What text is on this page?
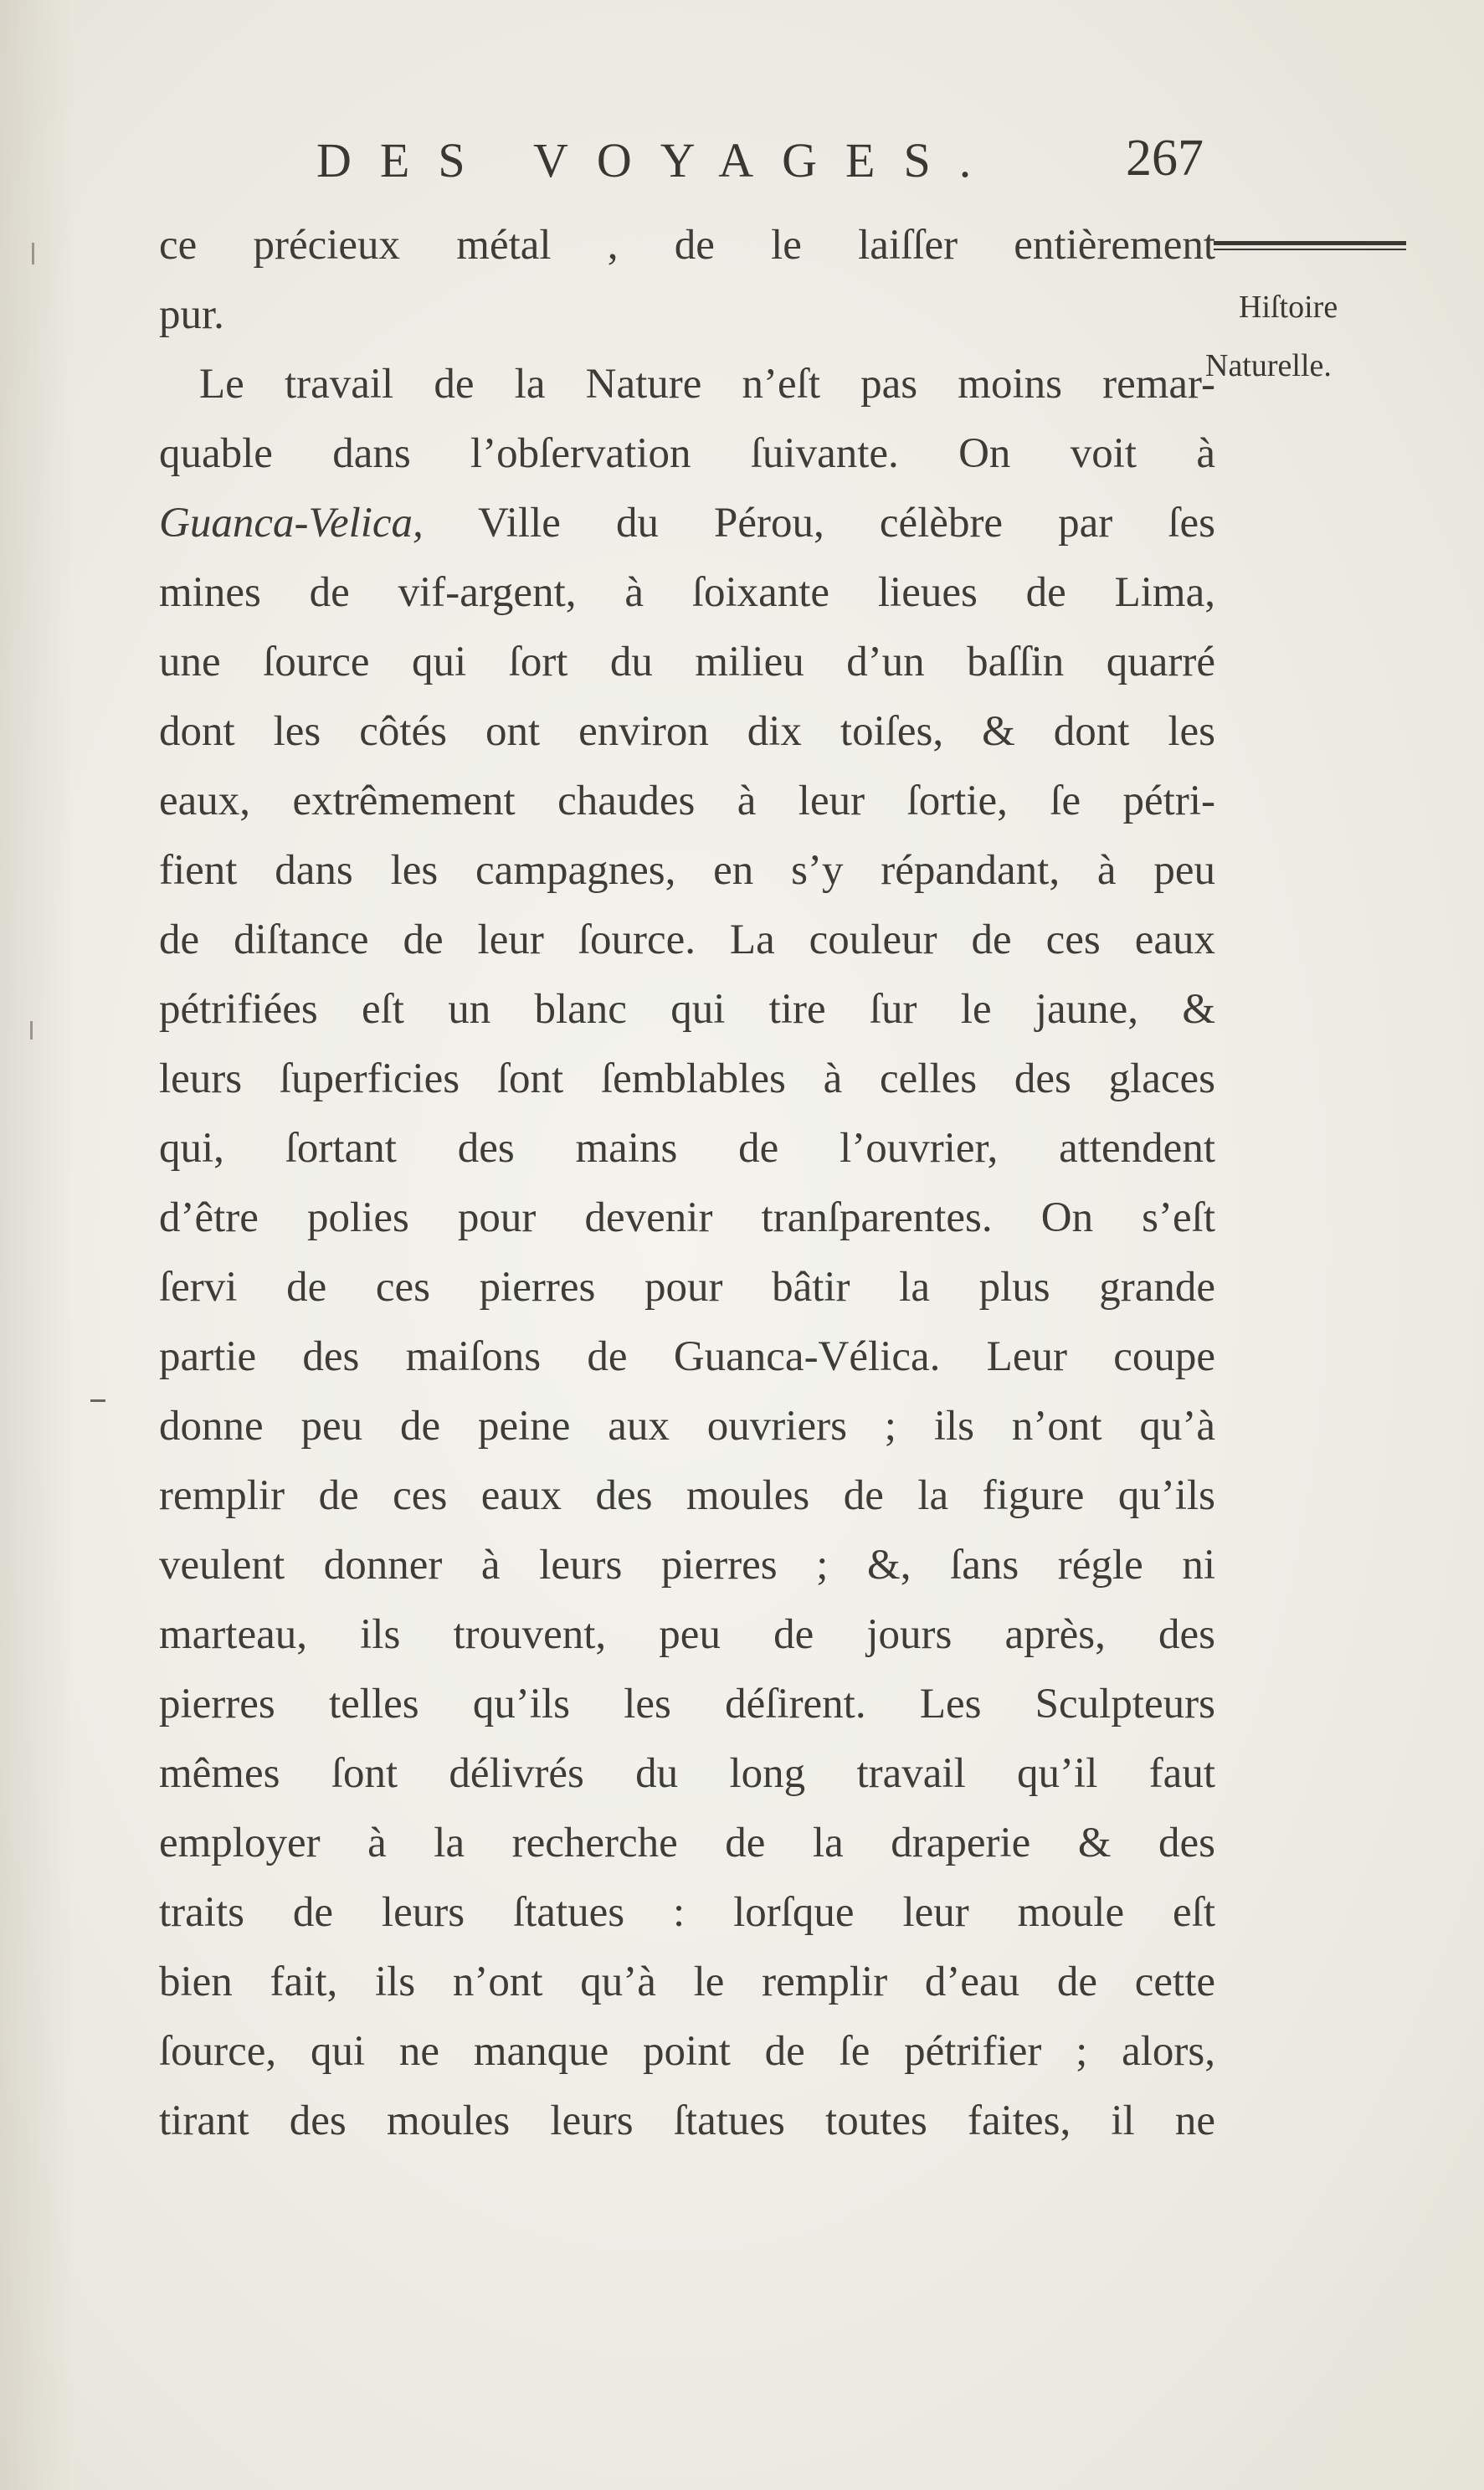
DES VOYAGES. 267
Hiſtoire
Naturelle.
ce précieux métal , de le laiſſer entièrement
pur.
Le travail de la Nature n’eſt pas moins remar-
quable dans l’obſervation ſuivante. On voit à
Guanca-Velica, Ville du Pérou, célèbre par ſes
mines de vif-argent, à ſoixante lieues de Lima,
une ſource qui ſort du milieu d’un baſſin quarré
dont les côtés ont environ dix toiſes, & dont les
eaux, extrêmement chaudes à leur ſortie, ſe pétri-
fient dans les campagnes, en s’y répandant, à peu
de diſtance de leur ſource. La couleur de ces eaux
pétrifiées eſt un blanc qui tire ſur le jaune, &
leurs ſuperficies ſont ſemblables à celles des glaces
qui, ſortant des mains de l’ouvrier, attendent
d’être polies pour devenir tranſparentes. On s’eſt
ſervi de ces pierres pour bâtir la plus grande
partie des maiſons de Guanca-Vélica. Leur coupe
donne peu de peine aux ouvriers ; ils n’ont qu’à
remplir de ces eaux des moules de la figure qu’ils
veulent donner à leurs pierres ; &, ſans régle ni
marteau, ils trouvent, peu de jours après, des
pierres telles qu’ils les déſirent. Les Sculpteurs
mêmes ſont délivrés du long travail qu’il faut
employer à la recherche de la draperie & des
traits de leurs ſtatues : lorſque leur moule eſt
bien fait, ils n’ont qu’à le remplir d’eau de cette
ſource, qui ne manque point de ſe pétrifier ; alors,
tirant des moules leurs ſtatues toutes faites, il ne
